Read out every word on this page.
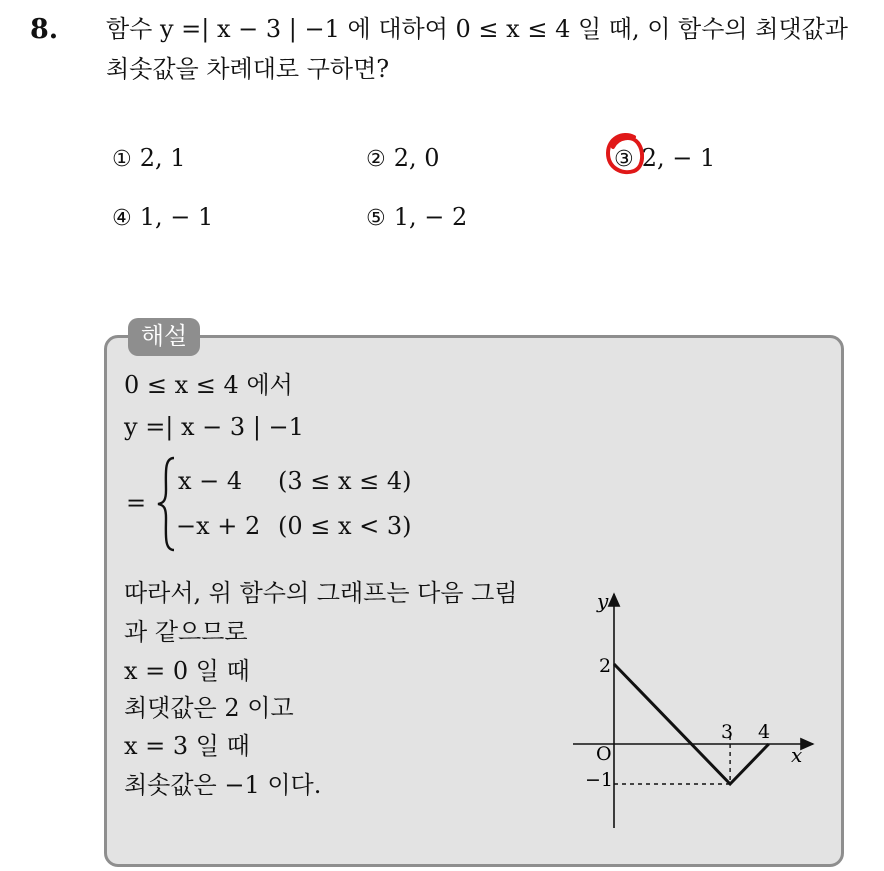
8. 함수 y =| x − 3 | −1 에 대하여 0 ≤ x ≤ 4 일 때, 이 함수의 최댓값과
최솟값을 차례대로 구하면?
① 2, 1	② 2, 0	③ 2, − 1
④ 1, − 1	⑤ 1, − 2
해설
0 ≤ x ≤ 4 에서
y =| x − 3 | −1
=
x − 4 (3 ≤ x ≤ 4)
−x + 2 (0 ≤ x < 3)
따라서, 위 함수의 그래프는 다음 그림
과 같으므로
x = 0 일 때
최댓값은 2 이고
x = 3 일 때
최솟값은 −1 이다.
y
x
O
2
3 4
−1
